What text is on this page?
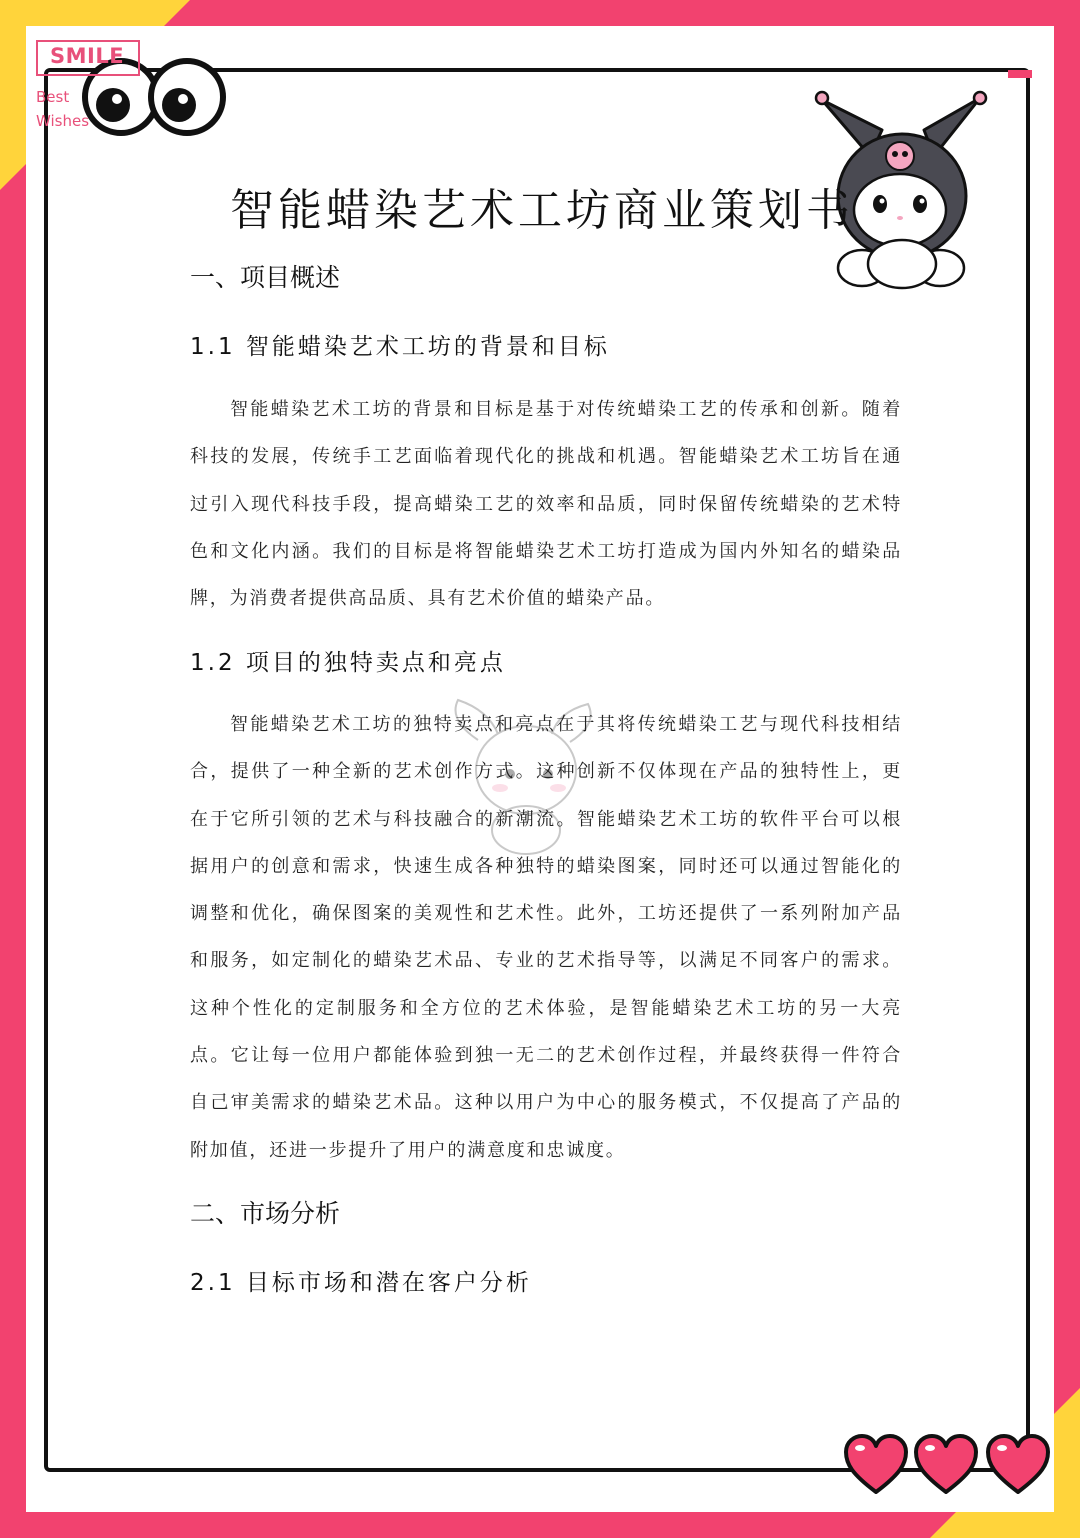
SMILE
Best
Wishes
智能蜡染艺术工坊商业策划书
一、项目概述
1.1 智能蜡染艺术工坊的背景和目标

智能蜡染艺术工坊的背景和目标是基于对传统蜡染工艺的传承和创新。随着科技的发展，传统手工艺面临着现代化的挑战和机遇。智能蜡染艺术工坊旨在通过引入现代科技手段，提高蜡染工艺的效率和品质，同时保留传统蜡染的艺术特色和文化内涵。我们的目标是将智能蜡染艺术工坊打造成为国内外知名的蜡染品牌，为消费者提供高品质、具有艺术价值的蜡染产品。

1.2 项目的独特卖点和亮点

智能蜡染艺术工坊的独特卖点和亮点在于其将传统蜡染工艺与现代科技相结合，提供了一种全新的艺术创作方式。这种创新不仅体现在产品的独特性上，更在于它所引领的艺术与科技融合的新潮流。智能蜡染艺术工坊的软件平台可以根据用户的创意和需求，快速生成各种独特的蜡染图案，同时还可以通过智能化的调整和优化，确保图案的美观性和艺术性。此外，工坊还提供了一系列附加产品和服务，如定制化的蜡染艺术品、专业的艺术指导等，以满足不同客户的需求。这种个性化的定制服务和全方位的艺术体验，是智能蜡染艺术工坊的另一大亮点。它让每一位用户都能体验到独一无二的艺术创作过程，并最终获得一件符合自己审美需求的蜡染艺术品。这种以用户为中心的服务模式，不仅提高了产品的附加值，还进一步提升了用户的满意度和忠诚度。

二、市场分析
2.1 目标市场和潜在客户分析
